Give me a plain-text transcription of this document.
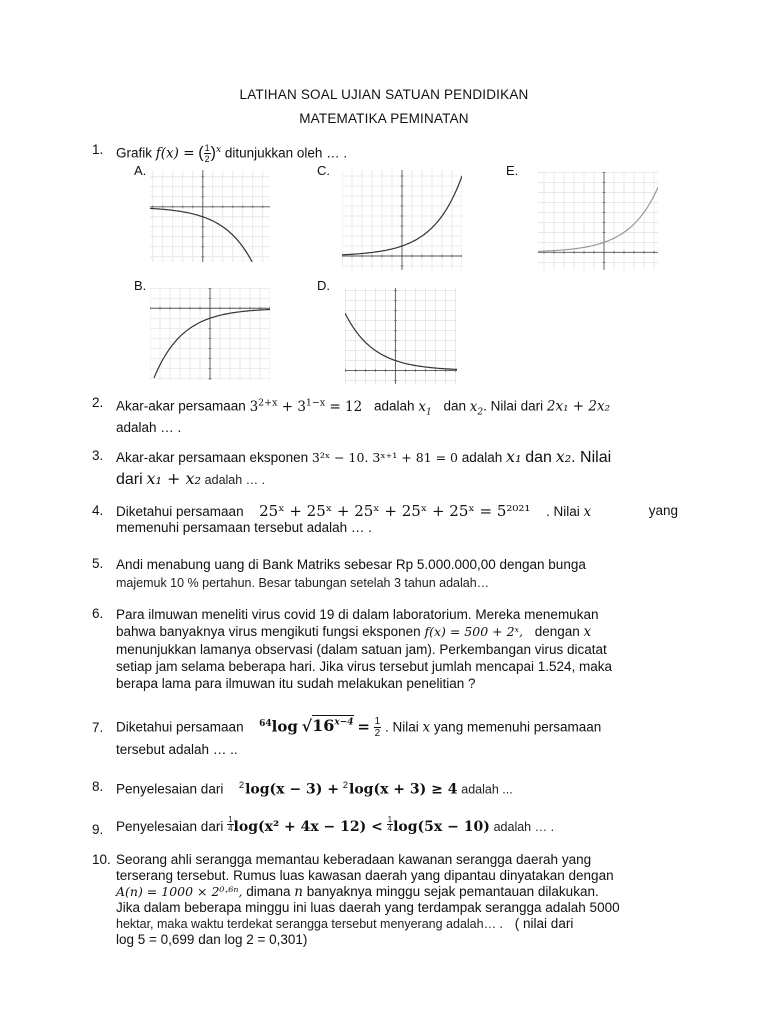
LATIHAN SOAL UJIAN SATUAN PENDIDIKAN
MATEMATIKA PEMINATAN
1. Grafik f(x) = ( $\frac{1}{2} )^x$ ditunjukkan oleh … .
A.	C.	E.
B.	D.
2. Akar-akar persamaan $3^{2+x} + 3^{1-x} = 12$ adalah $x_1$ dan $x_2$. Nilai dari 2x₁ + 2x₂
adalah … .
3. Akar-akar persamaan eksponen 3²ˣ − 10. 3ˣ⁺¹ + 81 = 0 adalah x₁ dan x₂. Nilai
dari x₁ + x₂ adalah … .
4. Diketahui persamaan 25ˣ + 25ˣ + 25ˣ + 25ˣ + 25ˣ = 5²⁰²¹ . Nilai x	yang

memenuhi persamaan tersebut adalah … .
5. Andi menabung uang di Bank Matriks sebesar Rp 5.000.000,00 dengan bunga
majemuk 10 % pertahun. Besar tabungan setelah 3 tahun adalah…
6. Para ilmuwan meneliti virus covid 19 di dalam laboratorium. Mereka menemukan
bahwa banyaknya virus mengikuti fungsi eksponen f(x) = 500 + 2ˣ, dengan x
menunjukkan lamanya observasi (dalam satuan jam). Perkembangan virus dicatat
setiap jam selama beberapa hari. Jika virus tersebut jumlah mencapai 1.524, maka
berapa lama para ilmuwan itu sudah melakukan penelitian ?
7. Diketahui persamaan $^{64}$log $√16^{x-4} = \frac{1}{2}$ . Nilai x yang memenuhi persamaan
tersebut adalah … ..
8. Penyelesaian dari $^2$log(x − 3) + $^2$log(x + 3) ≥ 4 adalah ...
9. Penyelesaian dari $\frac{1}{4} \log(x^2 + 4x - 12) < \frac{1}{4} \log(5x - 10)$ adalah … .
10. Seorang ahli serangga memantau keberadaan kawanan serangga daerah yang
terserang tersebut. Rumus luas kawasan daerah yang dipantau dinyatakan dengan
A(n) = 1000 × 2⁰·⁶ⁿ, dimana n banyaknya minggu sejak pemantauan dilakukan.
Jika dalam beberapa minggu ini luas daerah yang terdampak serangga adalah 5000
hektar, maka waktu terdekat serangga tersebut menyerang adalah… . ( nilai dari
log 5 = 0,699 dan log 2 = 0,301)
